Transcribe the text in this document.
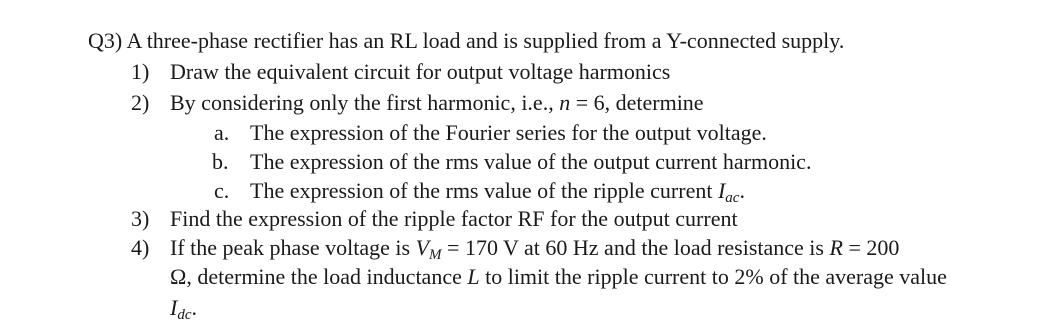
Q3) A three-phase rectifier has an RL load and is supplied from a Y-connected supply.
1) Draw the equivalent circuit for output voltage harmonics
2) By considering only the first harmonic, i.e., n = 6, determine
a. The expression of the Fourier series for the output voltage.
b. The expression of the rms value of the output current harmonic.
c. The expression of the rms value of the ripple current $I_{ac}$.
3) Find the expression of the ripple factor RF for the output current
4) If the peak phase voltage is $V_M = 170$ V at 60 Hz and the load resistance is R = 200
Ω, determine the load inductance L to limit the ripple current to 2% of the average value
$I_{dc}$.
